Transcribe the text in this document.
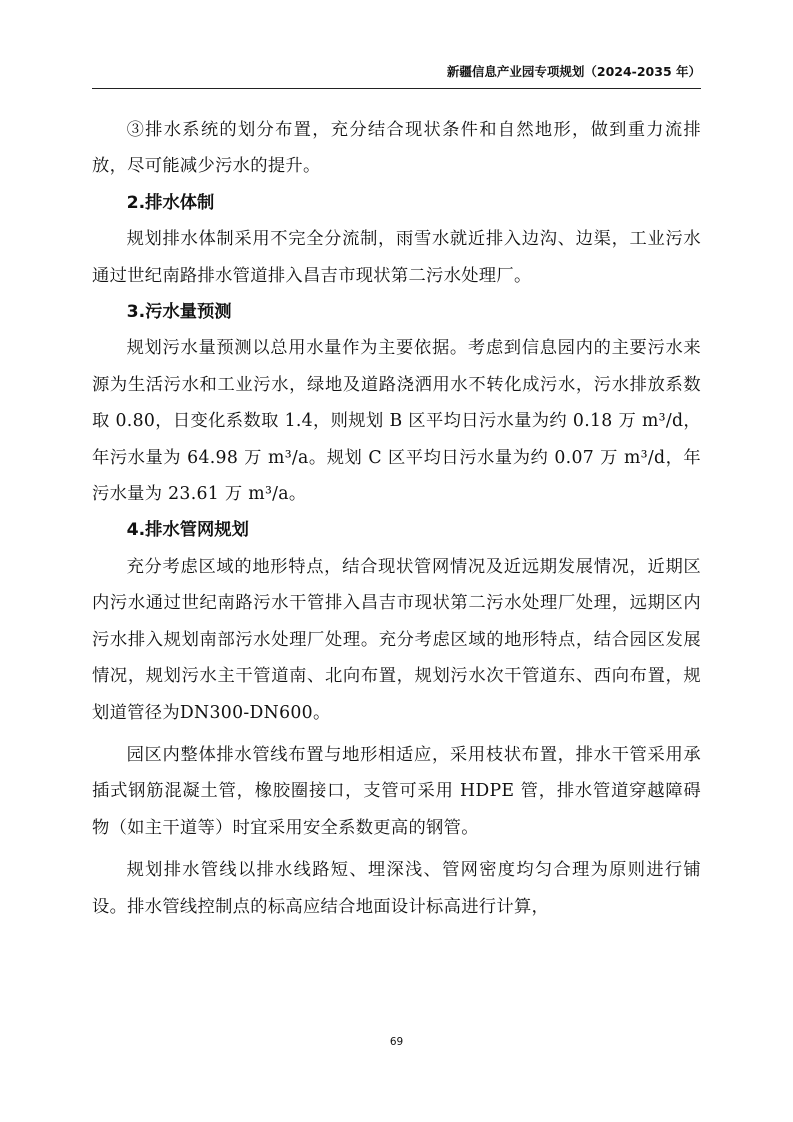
新疆信息产业园专项规划（2024-2035 年）

③排水系统的划分布置，充分结合现状条件和自然地形，做到重力流排放，尽可能减少污水的提升。

2.排水体制

规划排水体制采用不完全分流制，雨雪水就近排入边沟、边渠，工业污水通过世纪南路排水管道排入昌吉市现状第二污水处理厂。

3.污水量预测

规划污水量预测以总用水量作为主要依据。考虑到信息园内的主要污水来源为生活污水和工业污水，绿地及道路浇洒用水不转化成污水，污水排放系数取 0.80，日变化系数取 1.4，则规划 B 区平均日污水量为约 0.18 万 m³/d，年污水量为 64.98 万 m³/a。规划 C 区平均日污水量为约 0.07 万 m³/d，年污水量为 23.61 万 m³/a。

4.排水管网规划

充分考虑区域的地形特点，结合现状管网情况及近远期发展情况，近期区内污水通过世纪南路污水干管排入昌吉市现状第二污水处理厂处理，远期区内污水排入规划南部污水处理厂处理。充分考虑区域的地形特点，结合园区发展情况，规划污水主干管道南、北向布置，规划污水次干管道东、西向布置，规划道管径为DN300-DN600。

园区内整体排水管线布置与地形相适应，采用枝状布置，排水干管采用承插式钢筋混凝土管，橡胶圈接口，支管可采用 HDPE 管，排水管道穿越障碍物（如主干道等）时宜采用安全系数更高的钢管。

规划排水管线以排水线路短、埋深浅、管网密度均匀合理为原则进行铺设。排水管线控制点的标高应结合地面设计标高进行计算，

69
